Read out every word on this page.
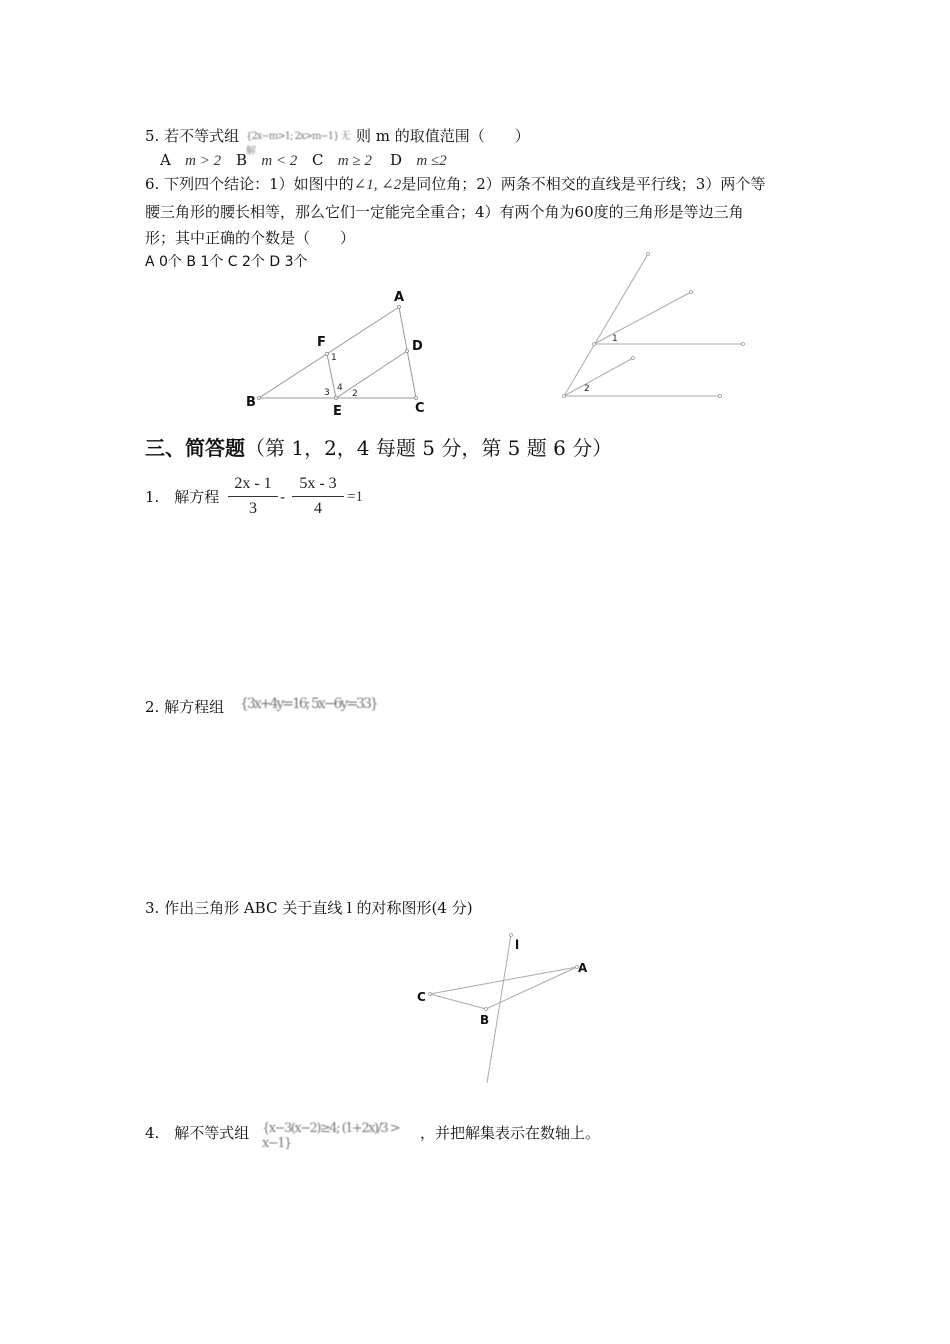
5. 若不等式组 {2x−m>1; 2x>m−1} 无解
则 m 的取值范围（　　）
A m > 2 B m < 2 C m ≥ 2 D m ≤2
6. 下列四个结论：1）如图中的∠1, ∠2是同位角；2）两条不相交的直线是平行线；3）两个等
腰三角形的腰长相等，那么它们一定能完全重合；4）有两个角为60度的三角形是等边三角
形；其中正确的个数是（　　）
A 0个 B 1个 C 2个 D 3个
A
B	C
D
E
F
1
2
3 4
1
2
三、简答题（第 1，2，4 每题 5 分，第 5 题 6 分）
1.　解方程
2x - 1
3
-
5x - 3
4
=1
2. 解方程组 {3x+4y=16; 5x−6y=33}
3. 作出三角形 ABC 关于直线 l 的对称图形(4 分)
l
A
C
B
4.　解不等式组 {x−3(x−2)≥4; (1+2x)/3 > x−1}
，并把解集表示在数轴上。
